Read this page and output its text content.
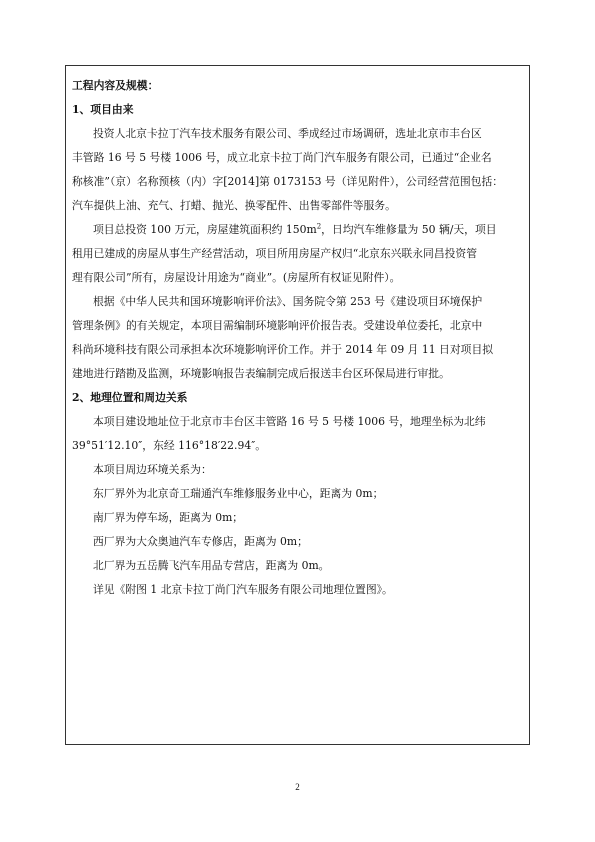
工程内容及规模：

1、项目由来

投资人北京卡拉丁汽车技术服务有限公司、季成经过市场调研，选址北京市丰台区

丰管路 16 号 5 号楼 1006 号，成立北京卡拉丁尚门汽车服务有限公司，已通过“企业名

称核准”（京）名称预核（内）字[2014]第 0173153 号（详见附件），公司经营范围包括：

汽车提供上油、充气、打蜡、抛光、换零配件、出售零部件等服务。

项目总投资 100 万元，房屋建筑面积约 $150m^2$，日均汽车维修量为 50 辆/天，项目

租用已建成的房屋从事生产经营活动，项目所用房屋产权归“北京东兴联永同昌投资管

理有限公司”所有，房屋设计用途为“商业”。(房屋所有权证见附件）。

根据《中华人民共和国环境影响评价法》、国务院令第 253 号《建设项目环境保护

管理条例》的有关规定，本项目需编制环境影响评价报告表。受建设单位委托，北京中

科尚环境科技有限公司承担本次环境影响评价工作。并于 2014 年 09 月 11 日对项目拟

建地进行踏勘及监测，环境影响报告表编制完成后报送丰台区环保局进行审批。

2、地理位置和周边关系

本项目建设地址位于北京市丰台区丰管路 16 号 5 号楼 1006 号，地理坐标为北纬

39°51′12.10″，东经 116°18′22.94″。

本项目周边环境关系为：

东厂界外为北京奇工瑞通汽车维修服务业中心，距离为 0m；

南厂界为停车场，距离为 0m；

西厂界为大众奥迪汽车专修店，距离为 0m；

北厂界为五岳腾飞汽车用品专营店，距离为 0m。

详见《附图 1 北京卡拉丁尚门汽车服务有限公司地理位置图》。

2
